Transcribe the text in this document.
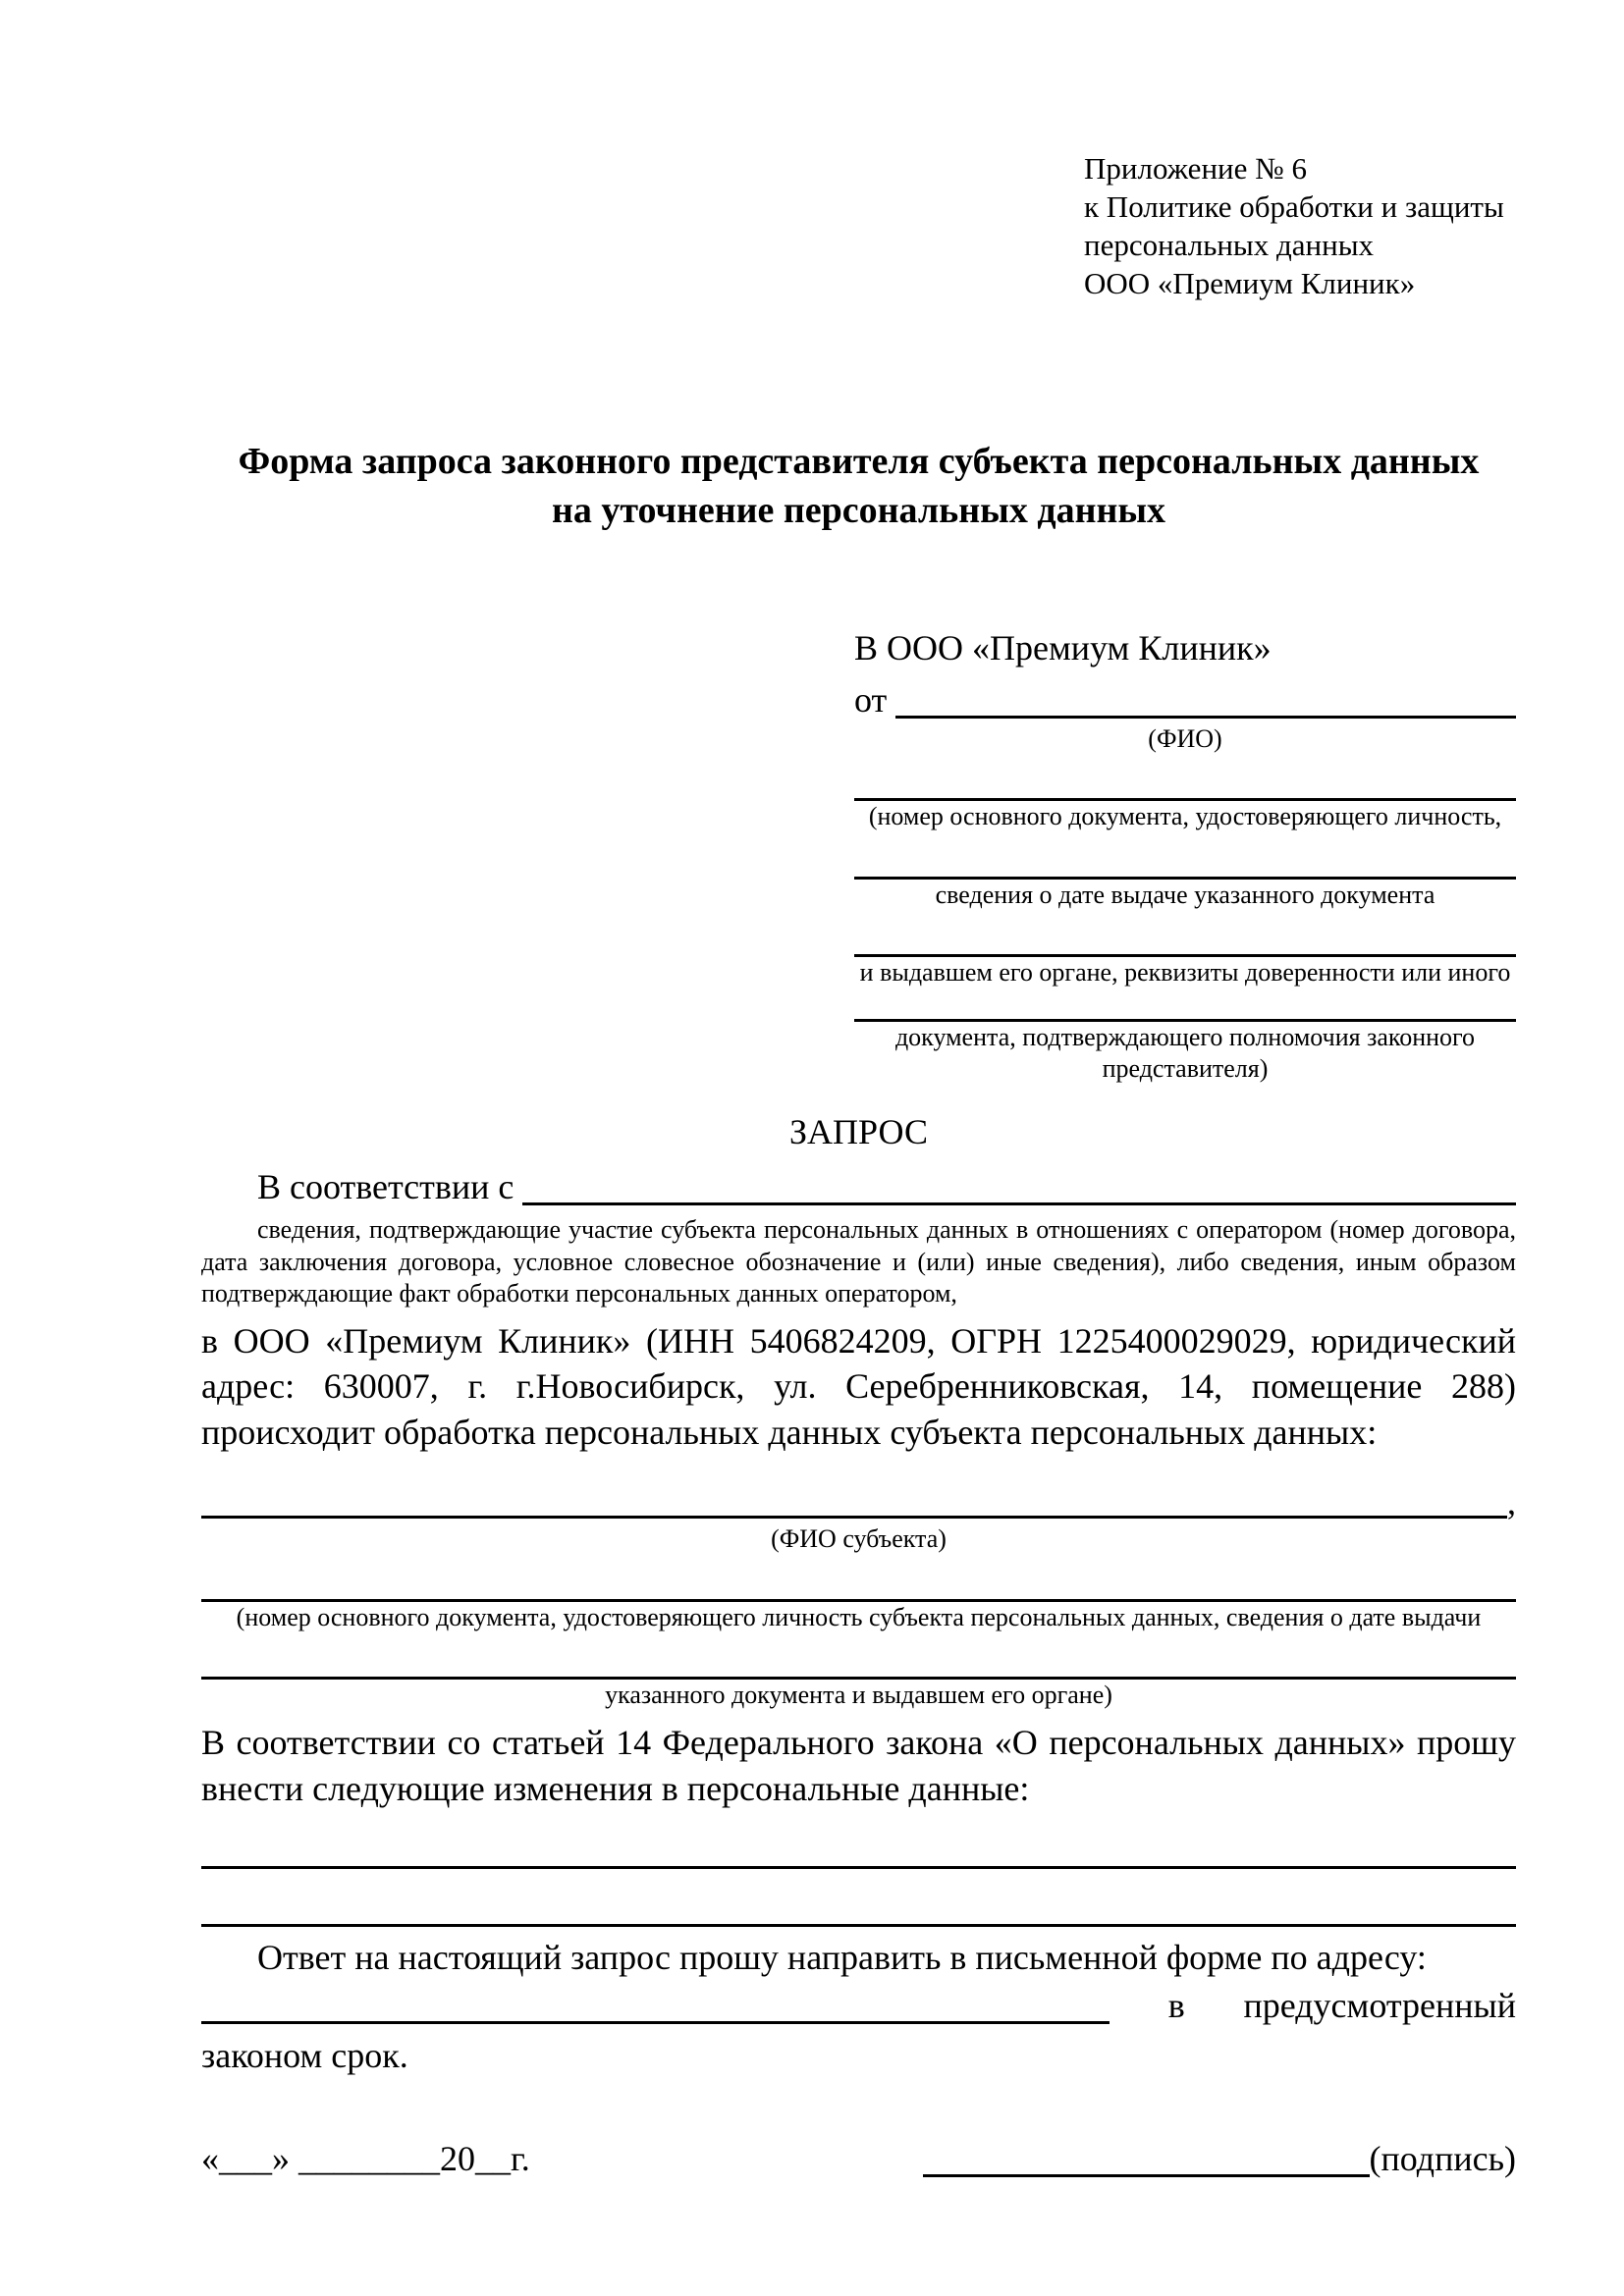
Приложение № 6
к Политике обработки и защиты
персональных данных
ООО «Премиум Клиник»
Форма запроса законного представителя субъекта персональных данных
на уточнение персональных данных
В ООО «Премиум Клиник»
от
(ФИО)
(номер основного документа, удостоверяющего личность,
сведения о дате выдаче указанного документа
и выдавшем его органе, реквизиты доверенности или иного
документа, подтверждающего полномочия законного представителя)
ЗАПРОС
В соответствии с
сведения, подтверждающие участие субъекта персональных данных в отношениях с оператором (номер договора, дата заключения договора, условное словесное обозначение и (или) иные сведения), либо сведения, иным образом подтверждающие факт обработки персональных данных оператором,

в ООО «Премиум Клиник» (ИНН 5406824209, ОГРН 1225400029029, юридический адрес: 630007, г. г.Новосибирск, ул. Серебренниковская, 14, помещение 288) происходит обработка персональных данных субъекта персональных данных:

,
(ФИО субъекта)
(номер основного документа, удостоверяющего личность субъекта персональных данных, сведения о дате выдачи
указанного документа и выдавшем его органе)

В соответствии со статьей 14 Федерального закона «О персональных данных» прошу внести следующие изменения в персональные данные:

Ответ на настоящий запрос прошу направить в письменной форме по адресу:

в предусмотренный
законом срок.
«___» ________20__г.	(подпись)
